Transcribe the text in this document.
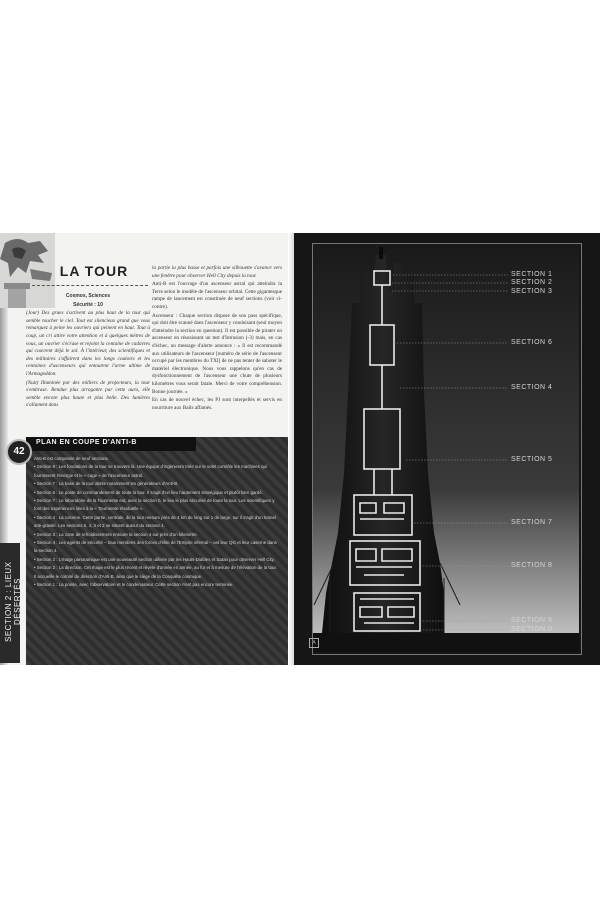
LA TOUR

Cosmos, Sciences

Sécurité : 10

(Jour) Des grues s'activent au plus haut de la tour qui semble toucher le ciel. Tout est silencieux grand que vous remarquez à peine les ouvriers qui peinent en haut. Tout à coup, un cri attire votre attention et à quelques mètres de vous, un ouvrier s'écrase et rejoint la centaine de cadavres qui couvrent déjà le sol. À l'intérieur, des scientifiques et des militaires s'affairent dans les longs couloirs et les centaines d'ascenseurs qui entourent l'arme ultime de l'Armageddon.

(Nuit) Illuminée par des milliers de projecteurs, la tour s'embrase. Rendue plus arrogante par cette aura, elle semble encore plus haute et plus belle. Des lumières s'allument dans

la partie la plus basse et parfois une silhouette s'avance vers une fenêtre pour observer Hell City depuis la tour.

Anti-B est l'ouvrage d'un ascenseur astral qui atteindra la Terre selon le modèle de l'ascenseur orbital. Cette gigantesque rampe de lancement est constituée de neuf sections (voir ci-contre).

Ascenseur : Chaque section dispose de son pass spécifique, qui doit être scanné dans l'ascenseur y conduisant (seul moyen d'atteindre la section en question). Il est possible de pirater un ascenseur en réussissant un test d'Intrusion (-3) mais, en cas d'échec, un message d'alerte annonce : « Il est recommandé aux utilisateurs de l'ascenseur [numéro de série de l'ascenseur occupé par les membres du TXI] de ne pas tenter de saboter le matériel électronique. Nous vous rappelons qu'en cas de dysfonctionnement de l'ascenseur une chute de plusieurs kilomètres vous serait fatale. Merci de votre compréhension. Bonne journée. »

En cas de nouvel échec, les PJ sont interpellés et servis en nourriture aux Bails affamés.

PLAN EN COUPE D'ANTI-B

Anti-B est composée de neuf sections.

• Section 8 : Les fondations de la tour se trouvent là. Une équipe d'ingénieurs triée sur le volet contrôle les machines qui fournissent l'énergie et le « cage » de l'ascenseur astral.

• Section 7 : La base de la tour abrite notamment les générateurs d'Anti-B.

• Section 6 : Le poste de commandement de toute la tour. Il s'agit d'un lieu hautement stratégique et plutôt bien gardé.

• Section 7 : Le laboratoire de la Tourmente est, avec la section 0, le lieu le plus sécurisé de toute la tour. Les scientifiques y font des expériences liées à la « Tourmente résiduelle ».

• Section 4 : La colonne. Cette partie, centrale, de la tour mesure près de 4 km de long sur 1 de large, sur il s'agit d'un tunnel anti-gravité. Les sections 5, 4, 3 et 2 se situent autour du secteur 4.

• Section 3 : La zone de refroidissement entoure la section 4 sur près d'un kilomètre.

• Section 4 : Les agents de sécurité – tous membres des forces d'élite de l'Empire infernal – ont leur QG et leur caserne dans la section 4.

• Section 2 : L'étage panoramique est une nouveauté section utilisée par les Hauts-Diables et Satan pour observer Hell City.

• Section 2 : La direction. Cet étage est le plus récent et révèle d'année en année, au fur et à mesure de l'élévation de la tour. Il accueille le comité de direction d'Anti-B, ainsi que le siège de la Conquête cosmique.

• Section 1 : La pointe, avec l'observatoire et le condensateur. Cette section n'est pas encore terminée.

SECTION 2 : LIEUX DÉSERTÉS
42
SECTION 1
SECTION 2
SECTION 3
SECTION 6
SECTION 4
SECTION 5
SECTION 7
SECTION 8
SECTION 9
SECTION 0
A
